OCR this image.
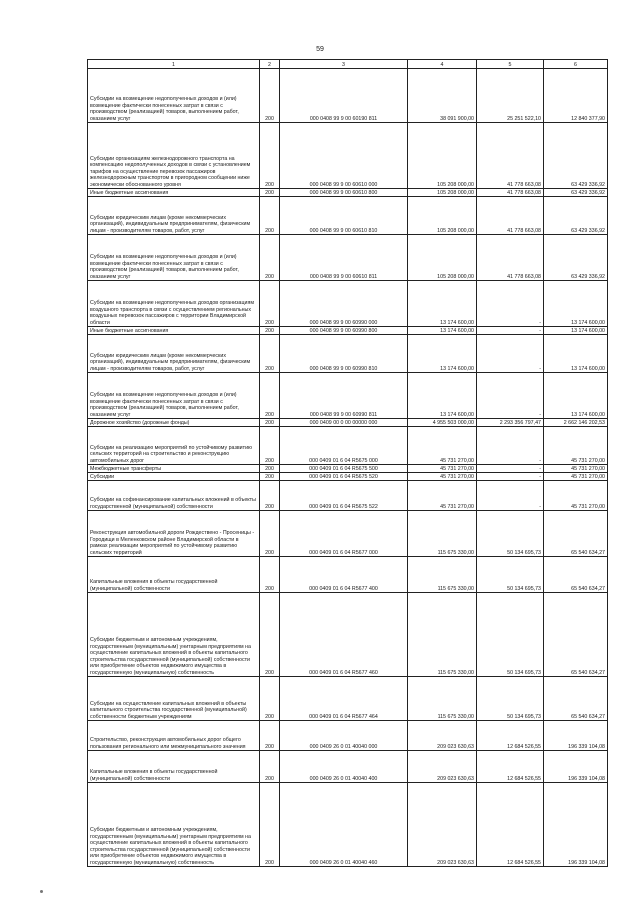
59
1	2	3	4	5	6
Субсидии на возмещение недополученных доходов и (или) возмещение фактически понесенных затрат в связи с производством (реализацией) товаров, выполнением работ, оказанием услуг	200	000 0408 99 9 00 60190 811	38 091 900,00	25 251 522,10	12 840 377,90
Субсидии организациям железнодорожного транспорта на компенсацию недополученных доходов в связи с установлением тарифов на осуществление перевозок пассажиров железнодорожным транспортом в пригородном сообщении ниже экономически обоснованного уровня	200	000 0408 99 9 00 60610 000	105 208 000,00	41 778 663,08	63 429 336,92
Иные бюджетные ассигнования	200	000 0408 99 9 00 60610 800	105 208 000,00	41 778 663,08	63 429 336,92
Субсидии юридическим лицам (кроме некоммерческих организаций), индивидуальным предпринимателям, физическим лицам - производителям товаров, работ, услуг	200	000 0408 99 9 00 60610 810	105 208 000,00	41 778 663,08	63 429 336,92
Субсидии на возмещение недополученных доходов и (или) возмещение фактически понесенных затрат в связи с производством (реализацией) товаров, выполнением работ, оказанием услуг	200	000 0408 99 9 00 60610 811	105 208 000,00	41 778 663,08	63 429 336,92
Субсидии на возмещение недополученных доходов организациям воздушного транспорта в связи с осуществлением региональных воздушных перевозок пассажиров с территории Владимирской области	200	000 0408 99 9 00 60990 000	13 174 600,00	-	13 174 600,00
Иные бюджетные ассигнования	200	000 0408 99 9 00 60990 800	13 174 600,00	-	13 174 600,00
Субсидии юридическим лицам (кроме некоммерческих организаций), индивидуальным предпринимателям, физическим лицам - производителям товаров, работ, услуг	200	000 0408 99 9 00 60990 810	13 174 600,00	-	13 174 600,00
Субсидии на возмещение недополученных доходов и (или) возмещение фактически понесенных затрат в связи с производством (реализацией) товаров, выполнением работ, оказанием услуг	200	000 0408 99 9 00 60990 811	13 174 600,00	-	13 174 600,00
Дорожное хозяйство (дорожные фонды)	200	000 0409 00 0 00 00000 000	4 955 503 000,00	2 293 356 797,47	2 662 146 202,53
Субсидии на реализацию мероприятий по устойчивому развитию сельских территорий на строительство и реконструкцию автомобильных дорог	200	000 0409 01 6 04 R5675 000	45 731 270,00	-	45 731 270,00
Межбюджетные трансферты	200	000 0409 01 6 04 R5675 500	45 731 270,00	-	45 731 270,00
Субсидии	200	000 0409 01 6 04 R5675 520	45 731 270,00	-	45 731 270,00
Субсидии на софинансирование капитальных вложений в объекты государственной (муниципальной) собственности	200	000 0409 01 6 04 R5675 522	45 731 270,00	-	45 731 270,00
Реконструкция автомобильной дороги Рождествено - Просеницы - Городищи в Меленковском районе Владимирской области в рамках реализации мероприятий по устойчивому развитию сельских территорий	200	000 0409 01 6 04 R5677 000	115 675 330,00	50 134 695,73	65 540 634,27
Капитальные вложения в объекты государственной (муниципальной) собственности	200	000 0409 01 6 04 R5677 400	115 675 330,00	50 134 695,73	65 540 634,27
Субсидии бюджетным и автономным учреждениям, государственным (муниципальным) унитарным предприятиям на осуществление капитальных вложений в объекты капитального строительства государственной (муниципальной) собственности или приобретение объектов недвижимого имущества в государственную (муниципальную) собственность	200	000 0409 01 6 04 R5677 460	115 675 330,00	50 134 695,73	65 540 634,27
Субсидии на осуществление капитальных вложений в объекты капитального строительства государственной (муниципальной) собственности бюджетным учреждениям	200	000 0409 01 6 04 R5677 464	115 675 330,00	50 134 695,73	65 540 634,27
Строительство, реконструкция автомобильных дорог общего пользования регионального или межмуниципального значения	200	000 0409 26 0 01 40040 000	209 023 630,63	12 684 526,55	196 339 104,08
Капитальные вложения в объекты государственной (муниципальной) собственности	200	000 0409 26 0 01 40040 400	209 023 630,63	12 684 526,55	196 339 104,08
Субсидии бюджетным и автономным учреждениям, государственным (муниципальным) унитарным предприятиям на осуществление капитальных вложений в объекты капитального строительства государственной (муниципальной) собственности или приобретение объектов недвижимого имущества в государственную (муниципальную) собственность	200	000 0409 26 0 01 40040 460	209 023 630,63	12 684 526,55	196 339 104,08
